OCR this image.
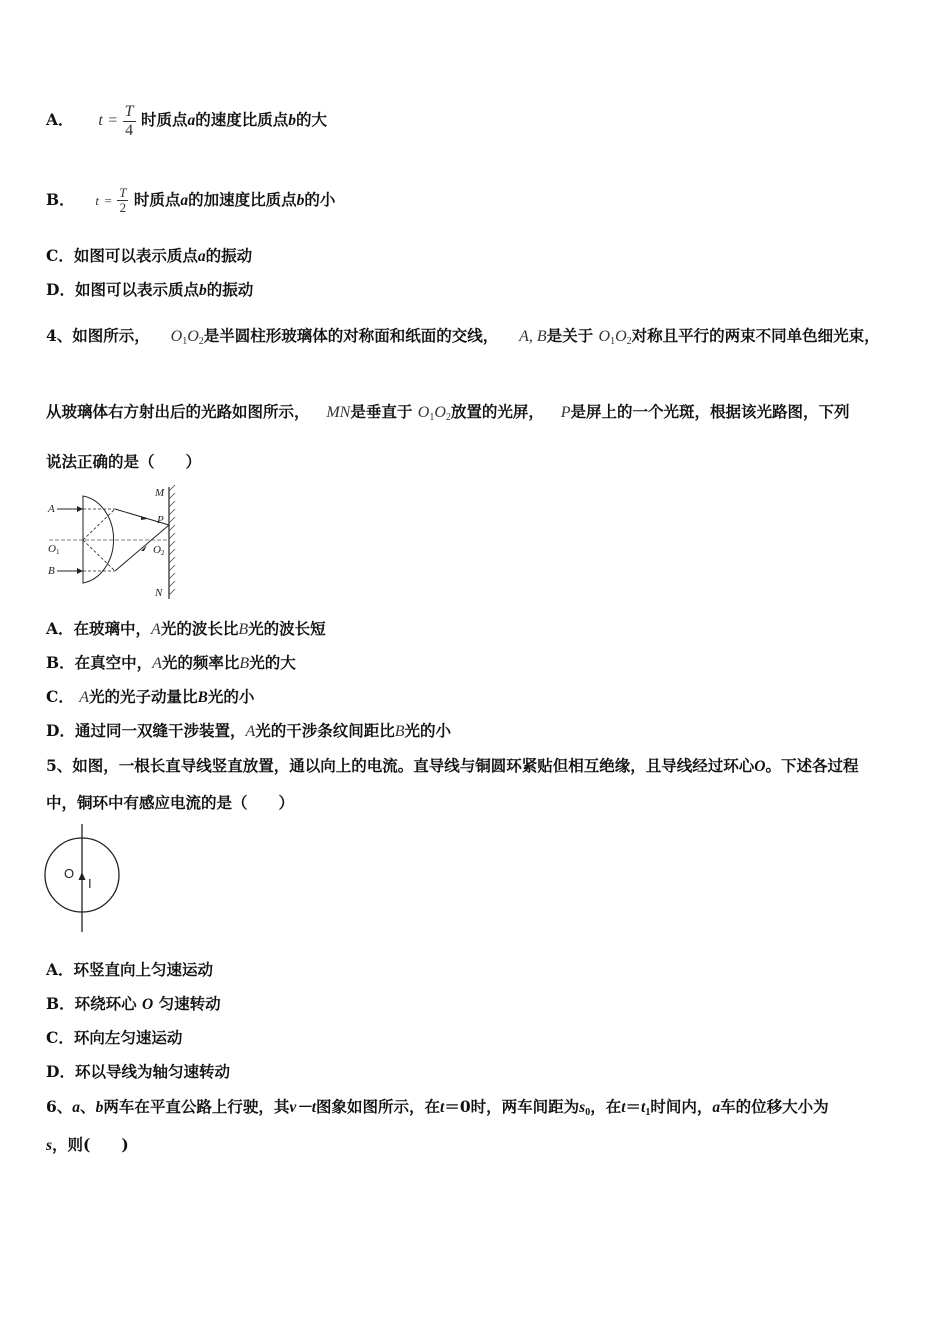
A． $t = \frac{T}{4}$ 时质点a的速度比质点b的大
B． $t = \frac{T}{2}$ 时质点a的加速度比质点b的小
C．如图可以表示质点a的振动
D．如图可以表示质点b的振动
4、如图所示， $O_1O_2$是半圆柱形玻璃体的对称面和纸面的交线， A, B是关于 $O_1O_2$对称且平行的两束不同单色细光束，
从玻璃体右方射出后的光路如图所示， MN是垂直于 $O_1O_2$放置的光屏， P是屏上的一个光斑，根据该光路图，下列
说法正确的是（　　）
A
B
O1
M
P
O2
N
A．在玻璃中，A光的波长比B光的波长短
B．在真空中，A光的频率比B光的大
C． A光的光子动量比B光的小
D．通过同一双缝干涉装置，A光的干涉条纹间距比B光的小
5、如图，一根长直导线竖直放置，通以向上的电流。直导线与铜圆环紧贴但相互绝缘，且导线经过环心O。下述各过程
中，铜环中有感应电流的是（　　）
O
I
A．环竖直向上匀速运动
B．环绕环心 O 匀速转动
C．环向左匀速运动
D．环以导线为轴匀速转动
6、a、b两车在平直公路上行驶，其v－t图象如图所示，在t＝0时，两车间距为$s_0$，在$t=t_1$时间内，a车的位移大小为
s，则(　　)
